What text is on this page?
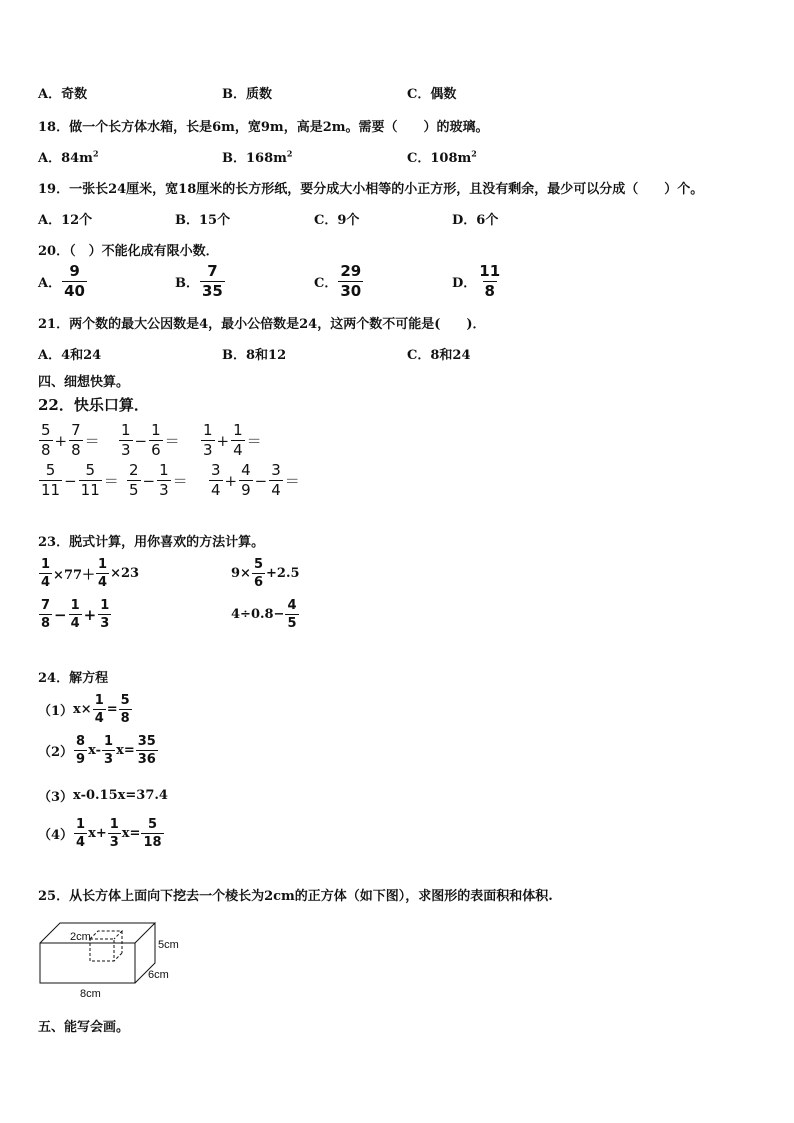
A．奇数	B．质数	C．偶数
18．做一个长方体水箱，长是6m，宽9m，高是2m。需要（　　）的玻璃。
A．$84m^2$	B．$168m^2$	C．$108m^2$
19．一张长24厘米，宽18厘米的长方形纸，要分成大小相等的小正方形，且没有剩余，最少可以分成（　　）个。
A．12个	B．15个	C．9个	D．6个
20．（　）不能化成有限小数．
A． $\frac{9}{40}$	B． $\frac{7}{35}$	C． $\frac{29}{30}$	D． $\frac{11}{8}$
21．两个数的最大公因数是4，最小公倍数是24，这两个数不可能是(　　)．
A．4和24	B．8和12	C．8和24
四、细想快算。
22．快乐口算．
$\frac{5}{8} + \frac{7}{8} = \frac{1}{3} - \frac{1}{6} = \frac{1}{3} + \frac{1}{4}$ ＝
$\frac{5}{11} - \frac{5}{11} = \frac{2}{5} - \frac{1}{3} = \frac{3}{4} + \frac{4}{9} - \frac{3}{4}$ ＝
23．脱式计算，用你喜欢的方法计算。
$\frac{1}{4} \times 77+ \frac{1}{4} \times 23$	$9\times \frac{5}{6} +2.5$
$\frac{7}{8} - \frac{1}{4} + \frac{1}{3}$	$4\div 0.8- \frac{4}{5}$
24．解方程
（1） $x\times \frac{1}{4} = \frac{5}{8}$
$(2) \frac{8}{9} x- \frac{1}{3} x= \frac{35}{36}$
（3） x-0.15x=37.4
$(4) \frac{1}{4} x+ \frac{1}{3} x= \frac{5}{18}$
25．从长方体上面向下挖去一个棱长为2cm的正方体（如下图），求图形的表面积和体积.
2cm
5cm
6cm
8cm
五、能写会画。
